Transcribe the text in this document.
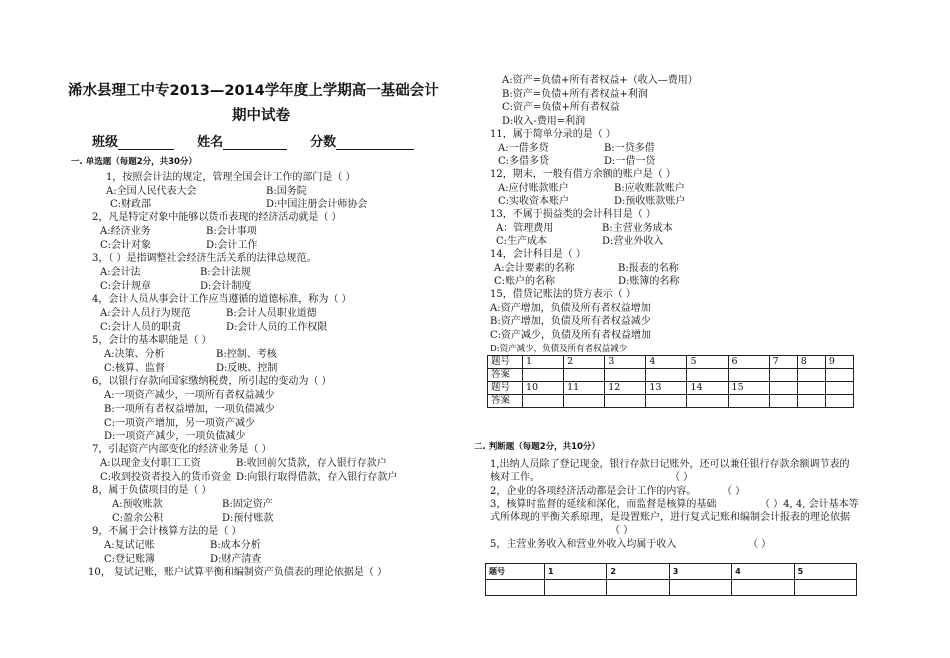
浠水县理工中专2013—2014学年度上学期高一基础会计
期中试卷
班级	姓名	分数
一. 单选题（每题2分，共30分）
1，按照会计法的规定，管理全国会计工作的部门是（ ）
A:全国人民代表大会	B:国务院
C:财政部	D:中国注册会计师协会
2，凡是特定对象中能够以货币表现的经济活动就是（ ）
A:经济业务	B:会计事项
C:会计对象	D:会计工作
3，（ ）是指调整社会经济生活关系的法律总规范。
A:会计法	B:会计法规
C:会计规章	D:会计制度
4，会计人员从事会计工作应当遵循的道德标准，称为（ ）
A:会计人员行为规范	B:会计人员职业道德
C:会计人员的职责	D:会计人员的工作权限
5，会计的基本职能是（ ）
A:决策、分析	B:控制、考核
C:核算、监督	D:反映、控制
6，以银行存款向国家缴纳税费，所引起的变动为（ ）
A:一项资产减少，一项所有者权益减少
B:一项所有者权益增加，一项负债减少
C:一项资产增加，另一项资产减少
D:一项资产减少，一项负债减少
7，引起资产内部变化的经济业务是（ ）
A:以现金支付职工工资	B:收回前欠货款，存入银行存款户
C:收到投资者投入的货币资金 D:向银行取得借款，存入银行存款户
8，属于负债项目的是（ ）
A:预收账款	B:固定资产
C:盈余公积	D:预付账款
9，不属于会计核算方法的是（ ）
A:复试记账	B:成本分析
C:登记账簿	D:财产清查
10， 复试记账，账户试算平衡和编制资产负债表的理论依据是（ ）
A:资产=负债+所有者权益+（收入—费用）
B:资产=负债+所有者权益+利润
C:资产=负债+所有者权益
D:收入-费用=利润
11，属于简单分录的是（ ）
A:一借多贷	B:一贷多借
C:多借多贷	D:一借一贷
12，期末，一般有借方余额的账户是（ ）
A:应付账款账户	B:应收账款账户
C:实收资本账户	D:预收账款账户
13，不属于损益类的会计科目是（ ）
A：管理费用	B:主营业务成本
C:生产成本	D:营业外收入
14，会计科目是（ ）
A:会计要素的名称	B:报表的名称
C:账户的名称	D:账簿的名称
15，借贷记账法的贷方表示（ ）
A:资产增加，负债及所有者权益增加
B:资产增加，负债及所有者权益减少
C:资产减少，负债及所有者权益增加
D:资产减少，负债及所有者权益减少
题号	1	2	3	4	5	6	7	8	9
答案									
题号	10	11	12	13	14	15			
答案									
二. 判断题（每题2分，共10分）
1,出纳人员除了登记现金，银行存款日记账外，还可以兼任银行存款余额调节表的
核对工作。	（ ）
2，企业的各项经济活动都是会计工作的内容。	（ ）
3，核算时监督的延续和深化，而监督是核算的基础	（ ）4, 4, 会计基本等
式所体现的平衡关系原理，是设置账户，进行复式记账和编制会计报表的理论依据
（ ）
5，主营业务收入和营业外收入均属于收入	（ ）
题号	1	2	3	4	5
